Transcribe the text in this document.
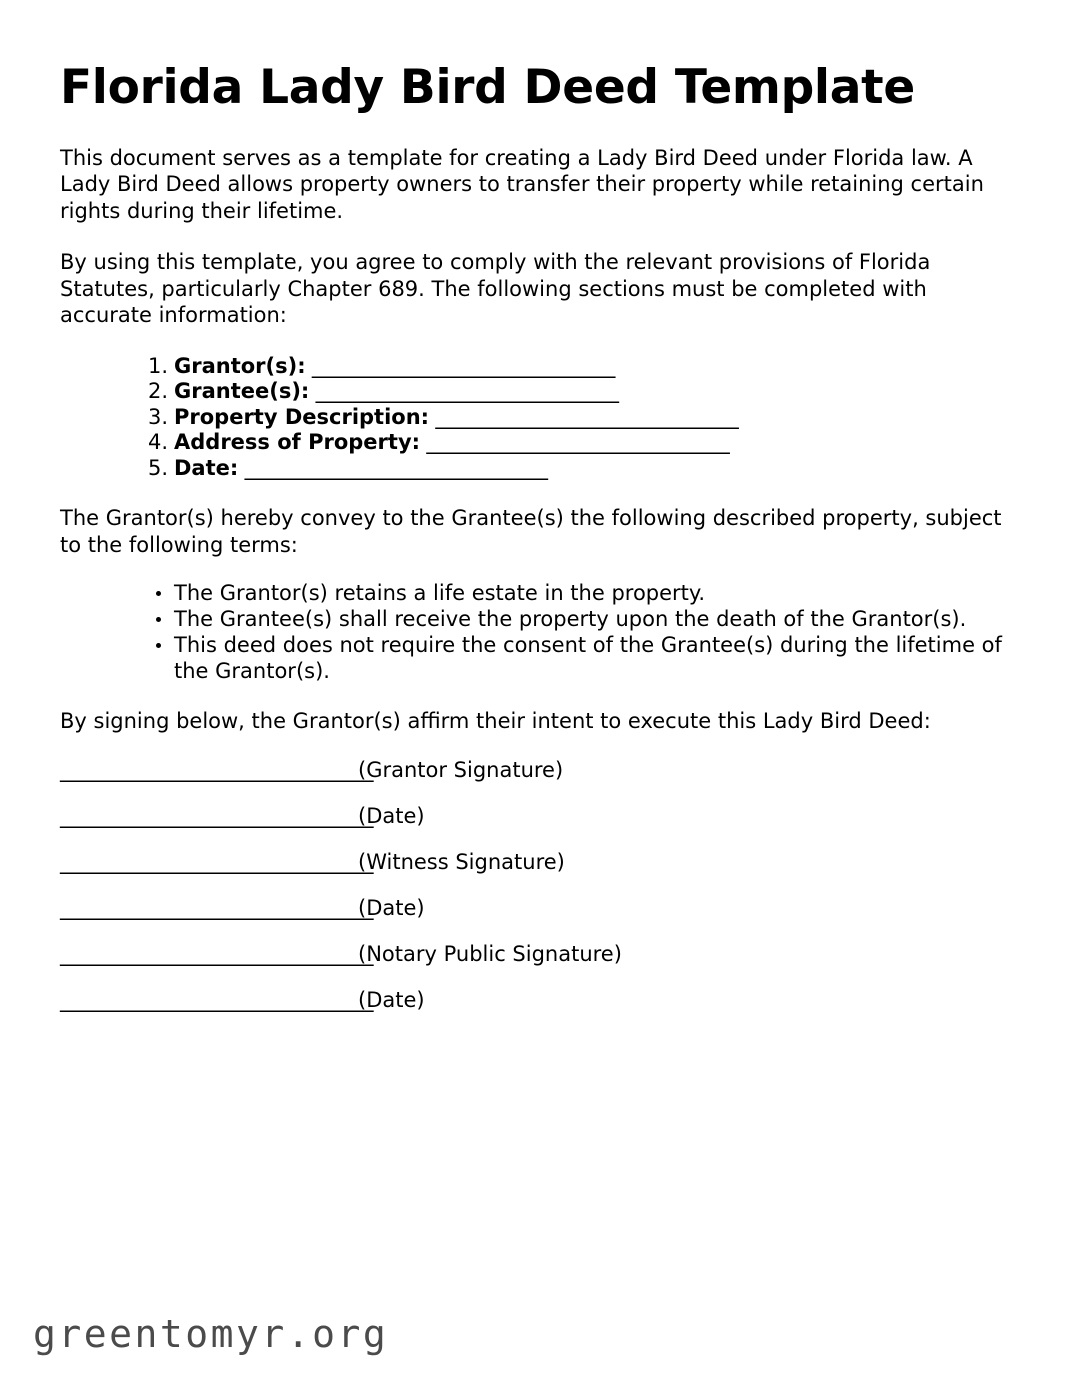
Florida Lady Bird Deed Template

This document serves as a template for creating a Lady Bird Deed under Florida law. A Lady Bird Deed allows property owners to transfer their property while retaining certain rights during their lifetime.

By using this template, you agree to comply with the relevant provisions of Florida Statutes, particularly Chapter 689. The following sections must be completed with accurate information:

Grantor(s): ______________________________
Grantee(s): ______________________________
Property Description: ______________________________
Address of Property: ______________________________
Date: ______________________________

The Grantor(s) hereby convey to the Grantee(s) the following described property, subject to the following terms:

The Grantor(s) retains a life estate in the property.
The Grantee(s) shall receive the property upon the death of the Grantor(s).
This deed does not require the consent of the Grantee(s) during the lifetime of the Grantor(s).

By signing below, the Grantor(s) affirm their intent to execute this Lady Bird Deed:

_______________________________
(Grantor Signature)
_______________________________
(Date)
_______________________________
(Witness Signature)
_______________________________
(Date)
_______________________________
(Notary Public Signature)
_______________________________
(Date)
greentomyr.org
